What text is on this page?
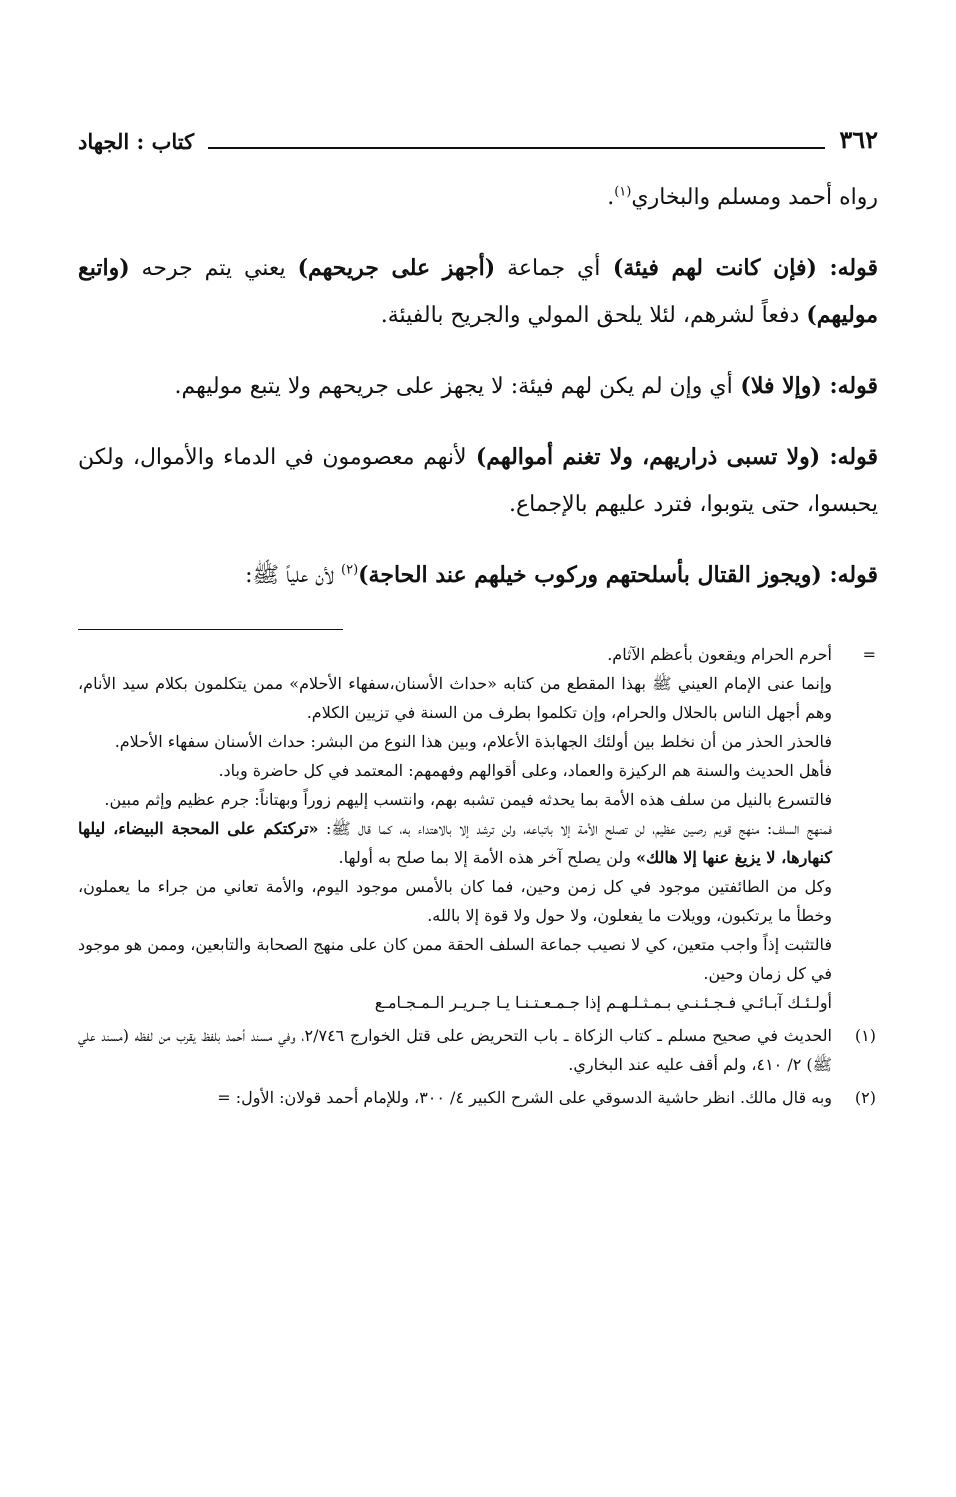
٣٦٢
كتاب : الجهاد

رواه أحمد ومسلم والبخاري$^{(١)}$.

قوله: (فإن كانت لهم فيئة) أي جماعة (أجهز على جريحهم) يعني يتم جرحه (واتبع موليهم) دفعاً لشرهم، لئلا يلحق المولي والجريح بالفيئة.

قوله: (وإلا فلا) أي وإن لم يكن لهم فيئة: لا يجهز على جريحهم ولا يتبع موليهم.

قوله: (ولا تسبى ذراريهم، ولا تغنم أموالهم) لأنهم معصومون في الدماء والأموال، ولكن يحبسوا، حتى يتوبوا، فترد عليهم بالإجماع.

قوله: (ويجوز القتال بأسلحتهم وركوب خيلهم عند الحاجة)$^{(٢)}$ لأن علياً ﷺ:

=
أحرم الحرام ويقعون بأعظم الآثام.
وإنما عنى الإمام العيني ﷺ بهذا المقطع من كتابه «حداث الأسنان،سفهاء الأحلام» ممن يتكلمون بكلام سيد الأنام، وهم أجهل الناس بالحلال والحرام، وإن تكلموا بطرف من السنة في تزيين الكلام.
فالحذر الحذر من أن نخلط بين أولئك الجهابذة الأعلام، وبين هذا النوع من البشر: حداث الأسنان سفهاء الأحلام.
فأهل الحديث والسنة هم الركيزة والعماد، وعلى أقوالهم وفهمهم: المعتمد في كل حاضرة وباد.
فالتسرع بالنيل من سلف هذه الأمة بما يحدثه فيمن تشبه بهم، وانتسب إليهم زوراً وبهتاناً: جرم عظيم وإثم مبين.
فمنهج السلف: منهج قويم رصين عظيم، لن تصلح الأمة إلا باتباعه، ولن ترشد إلا بالاهتداء به، كما قال ﷺ: «تركتكم على المحجة البيضاء، ليلها كنهارها، لا يزيغ عنها إلا هالك» ولن يصلح آخر هذه الأمة إلا بما صلح به أولها.
وكل من الطائفتين موجود في كل زمن وحين، فما كان بالأمس موجود اليوم، والأمة تعاني من جراء ما يعملون، وخطأ ما يرتكبون، وويلات ما يفعلون، ولا حول ولا قوة إلا بالله.
فالتثبت إذاً واجب متعين، كي لا نصيب جماعة السلف الحقة ممن كان على منهج الصحابة والتابعين، وممن هو موجود في كل زمان وحين.
أولـئـك آبـائـي فـجـئـنـي بـمـثـلـهـم إذا جـمـعـتـنـا يـا جـريـر الـمـجـامـع
(١)
الحديث في صحيح مسلم ـ كتاب الزكاة ـ باب التحريض على قتل الخوارج ٢/٧٤٦، وفي مسند أحمد بلفظ يقرب من لفظه (مسند علي ﷺ) ٢/ ٤١٠، ولم أقف عليه عند البخاري.
(٢)
وبه قال مالك. انظر حاشية الدسوقي على الشرح الكبير ٤/ ٣٠٠، وللإمام أحمد قولان: الأول: =
